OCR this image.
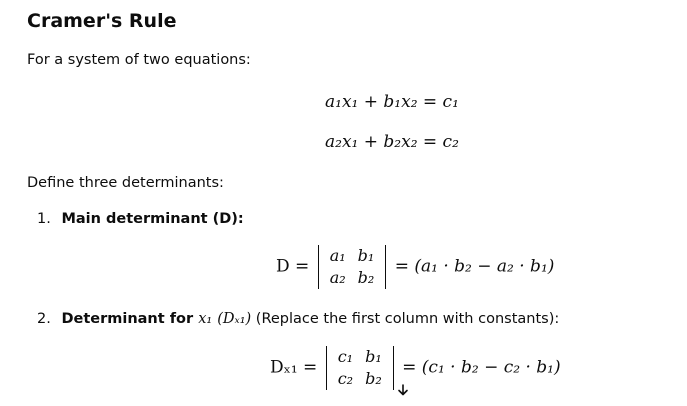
Cramer's Rule
For a system of two equations:
a₁x₁ + b₁x₂ = c₁
a₂x₁ + b₂x₂ = c₂
Define three determinants:
1. Main determinant (D):
D =
a₁	b₁
a₂	b₂
= (a₁ · b₂ − a₂ · b₁)
2. Determinant for x₁ (Dₓ₁) (Replace the first column with constants):
Dₓ₁ =
c₁	b₁
c₂	b₂
= (c₁ · b₂ − c₂ · b₁)
